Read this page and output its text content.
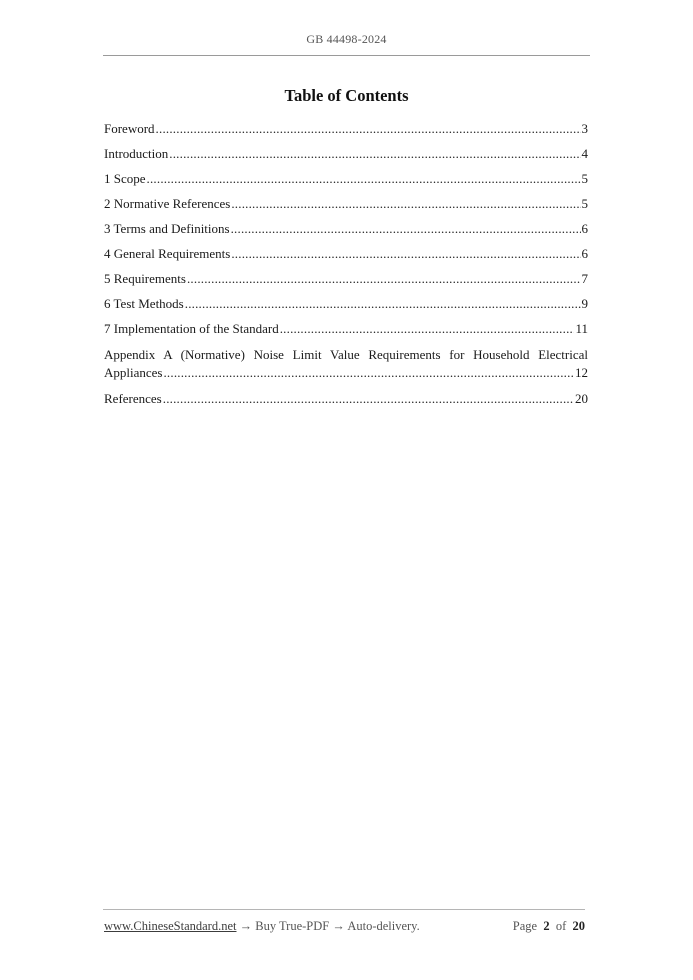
GB 44498-2024
Table of Contents
Foreword .....	3
Introduction .....	4
1 Scope .....	5
2 Normative References .....	5
3 Terms and Definitions .....	6
4 General Requirements .....	6
5 Requirements .....	7
6 Test Methods .....	9
7 Implementation of the Standard .....	11
Appendix A (Normative) Noise Limit Value Requirements for Household Electrical
Appliances .....	12
References .....	20
www.ChineseStandard.net → Buy True-PDF → Auto-delivery.	Page 2 of 20
